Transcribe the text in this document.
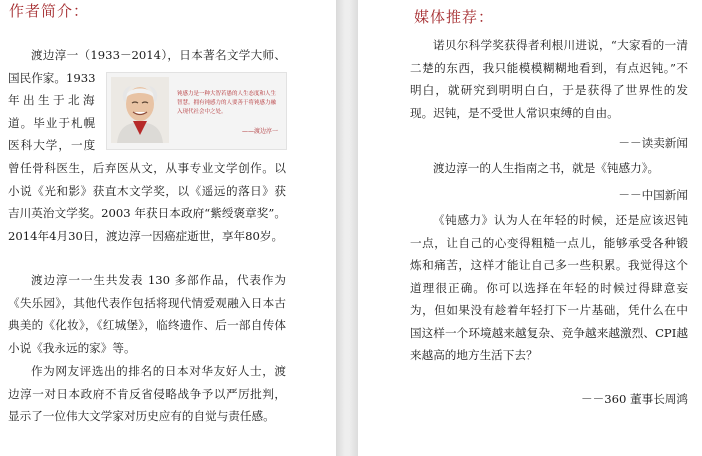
作者简介：
渡边淳一（1933－2014），日本著名文学大师、国民作家。1933
年出生于北海
道。毕业于札幌
医科大学，一度
曾任骨科医生，后弃医从文，从事专业文学创作。以小说《光和影》获直木文学奖，以《遥远的落日》获吉川英治文学奖。2003 年获日本政府“紫绶褒章奖”。2014年4月30日，渡边淳一因癌症逝世，享年80岁。
渡边淳一一生共发表 130 多部作品，代表作为《失乐园》，其他代表作包括将现代情爱观融入日本古典美的《化妆》，《红城堡》，临终遗作、后一部自传体小说《我永远的家》等。
作为网友评选出的排名的日本对华友好人士，渡边淳一对日本政府不肯反省侵略战争予以严厉批判，显示了一位伟大文学家对历史应有的自觉与责任感。
钝感力是一种大智若愚的人生态度和人生智慧。拥有钝感力的人要善于将钝感力融入现代社会中之处。
——渡边淳一
媒体推荐：
诺贝尔科学奖获得者利根川进说，“大家看的一清二楚的东西，我只能模模糊糊地看到，有点迟钝。”不明白，就研究到明明白白，于是获得了世界性的发现。迟钝，是不受世人常识束缚的自由。
－－读卖新闻
渡边淳一的人生指南之书，就是《钝感力》。
－－中国新闻
《钝感力》认为人在年轻的时候，还是应该迟钝一点，让自己的心变得粗糙一点儿，能够承受各种锻炼和痛苦，这样才能让自己多一些积累。我觉得这个道理很正确。你可以选择在年轻的时候过得肆意妄为，但如果没有趁着年轻打下一片基础，凭什么在中国这样一个环境越来越复杂、竞争越来越激烈、CPI越来越高的地方生活下去？
－－360 董事长周鸿
